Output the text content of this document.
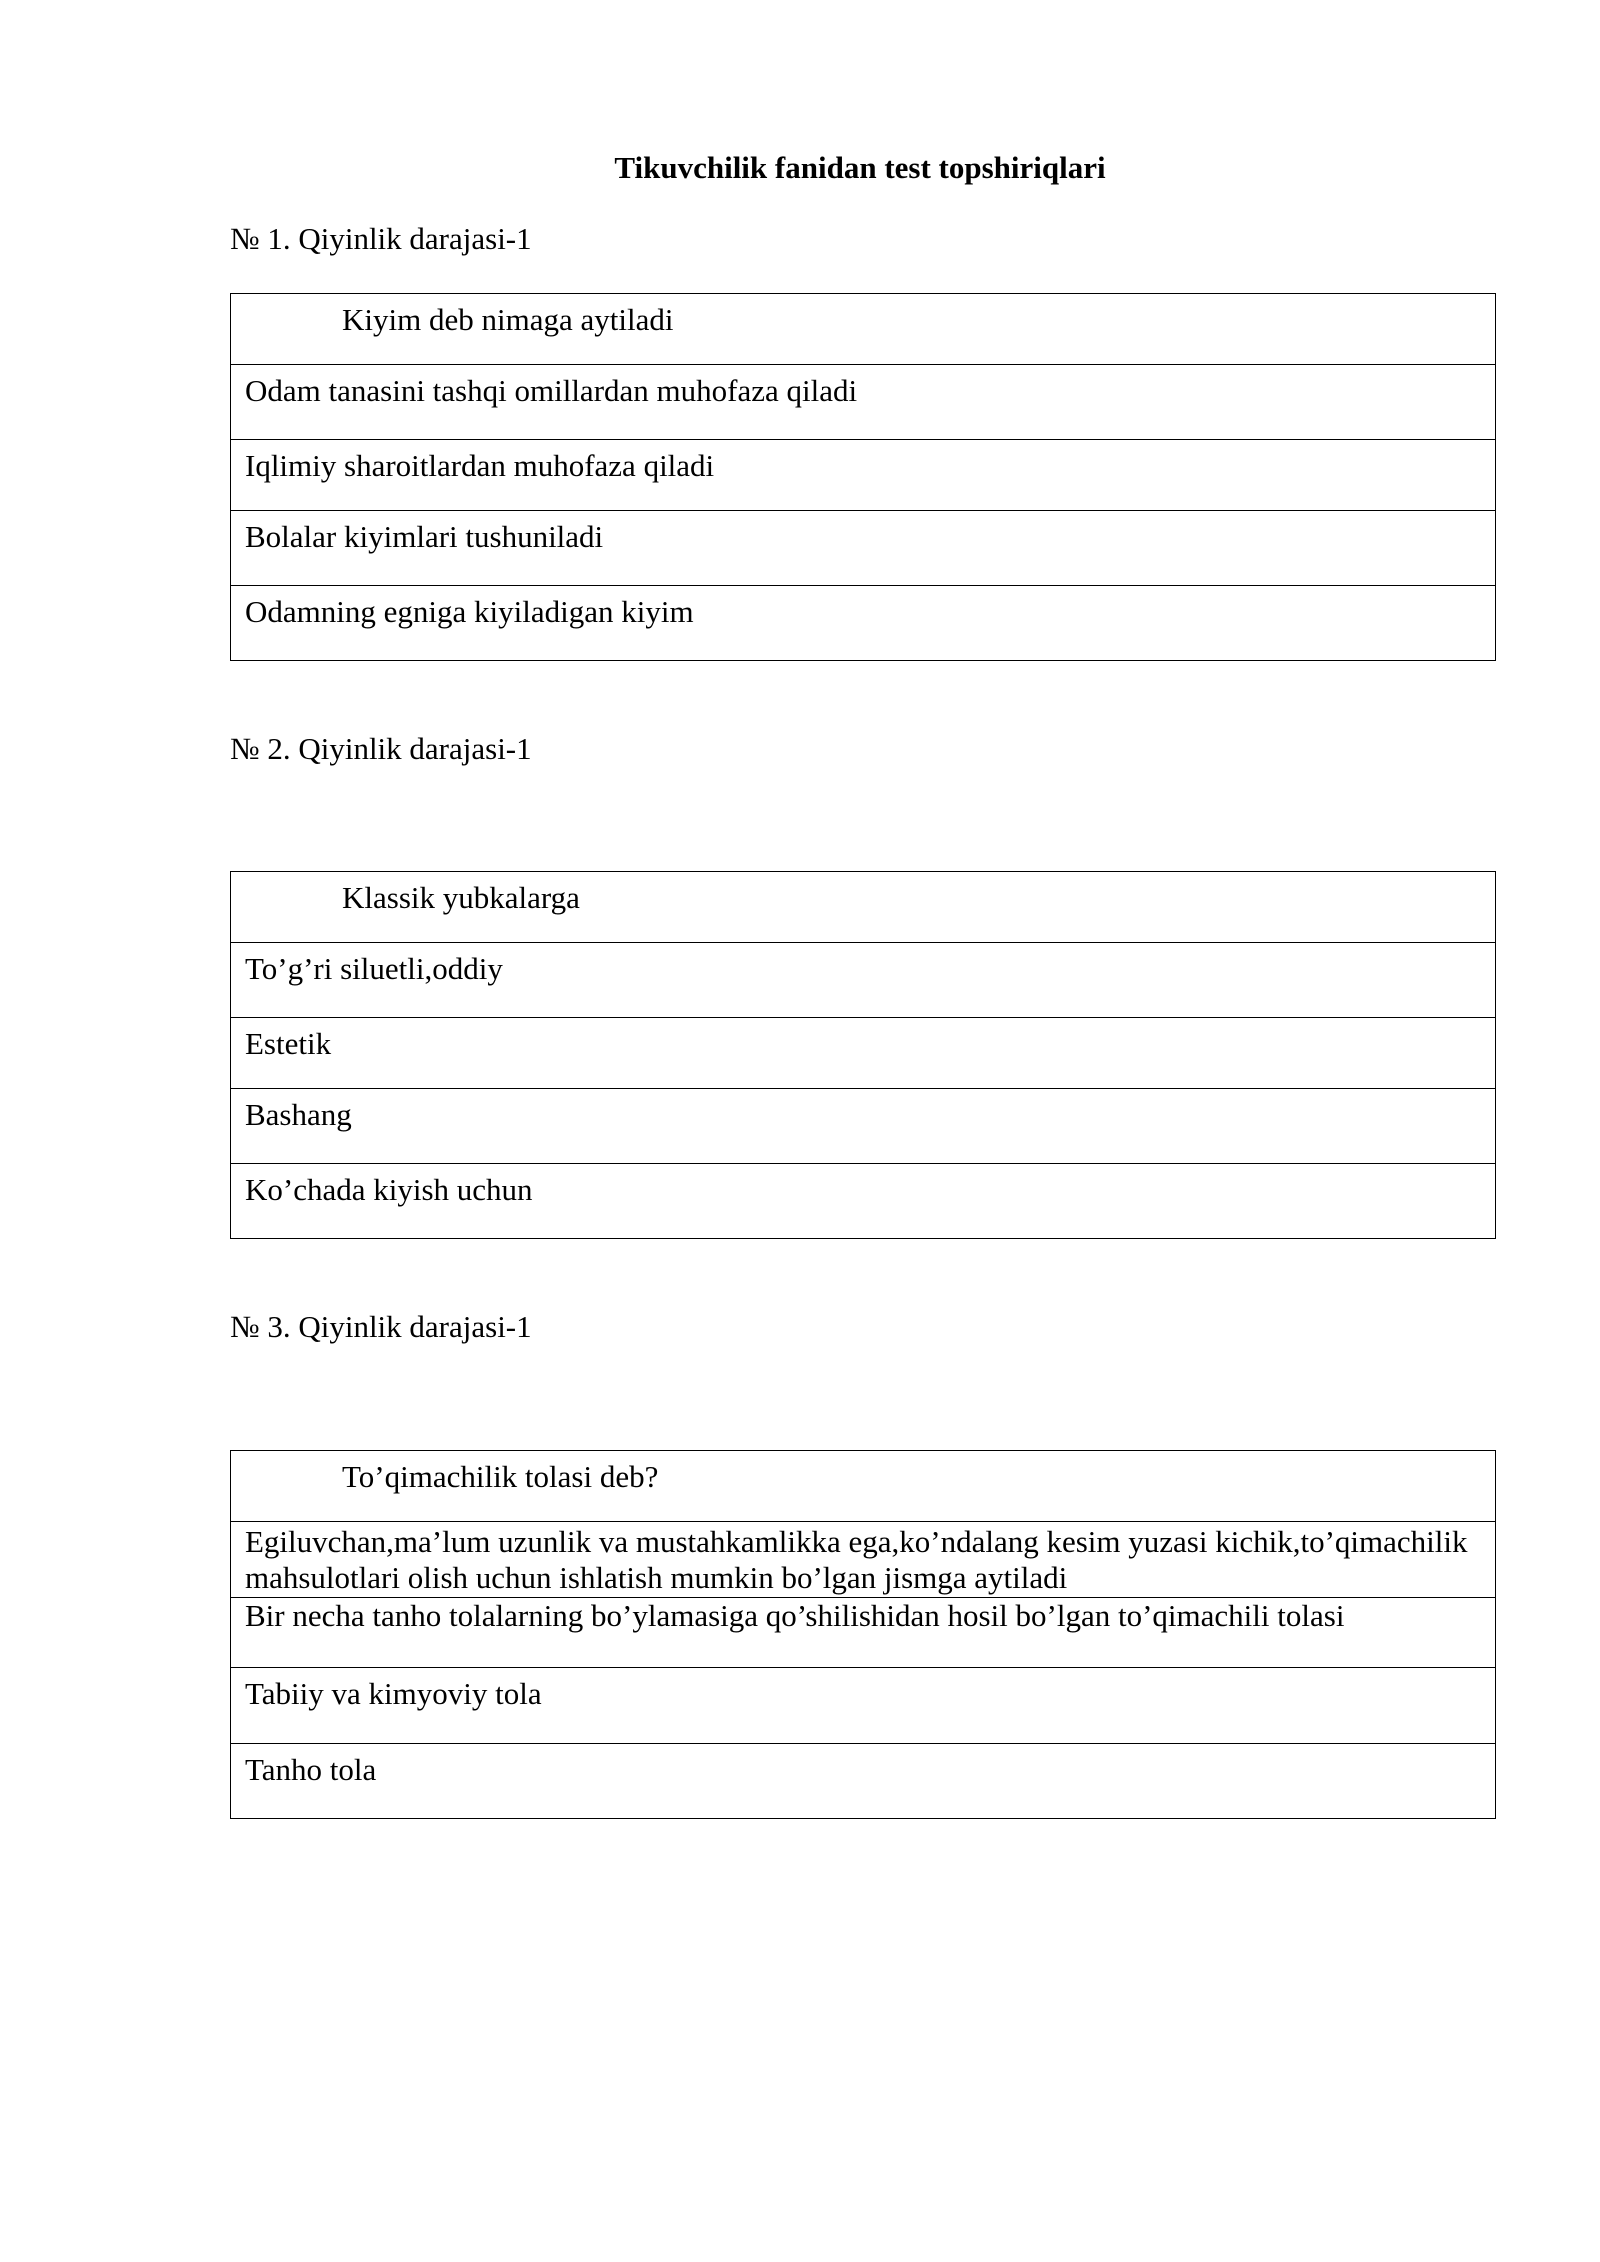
Tikuvchilik fanidan test topshiriqlari
№ 1. Qiyinlik darajasi-1
Kiyim deb nimaga aytiladi
Odam tanasini tashqi omillardan muhofaza qiladi
Iqlimiy sharoitlardan muhofaza qiladi
Bolalar kiyimlari tushuniladi
Odamning egniga kiyiladigan kiyim
№ 2. Qiyinlik darajasi-1
Klassik yubkalarga
To’g’ri siluetli,oddiy
Estetik
Bashang
Ko’chada kiyish uchun
№ 3. Qiyinlik darajasi-1
To’qimachilik tolasi deb?
Egiluvchan,ma’lum uzunlik va mustahkamlikka ega,ko’ndalang kesim yuzasi kichik,to’qimachilik mahsulotlari olish uchun ishlatish mumkin bo’lgan jismga aytiladi
Bir necha tanho tolalarning bo’ylamasiga qo’shilishidan hosil bo’lgan to’qimachili tolasi
Tabiiy va kimyoviy tola
Tanho tola
